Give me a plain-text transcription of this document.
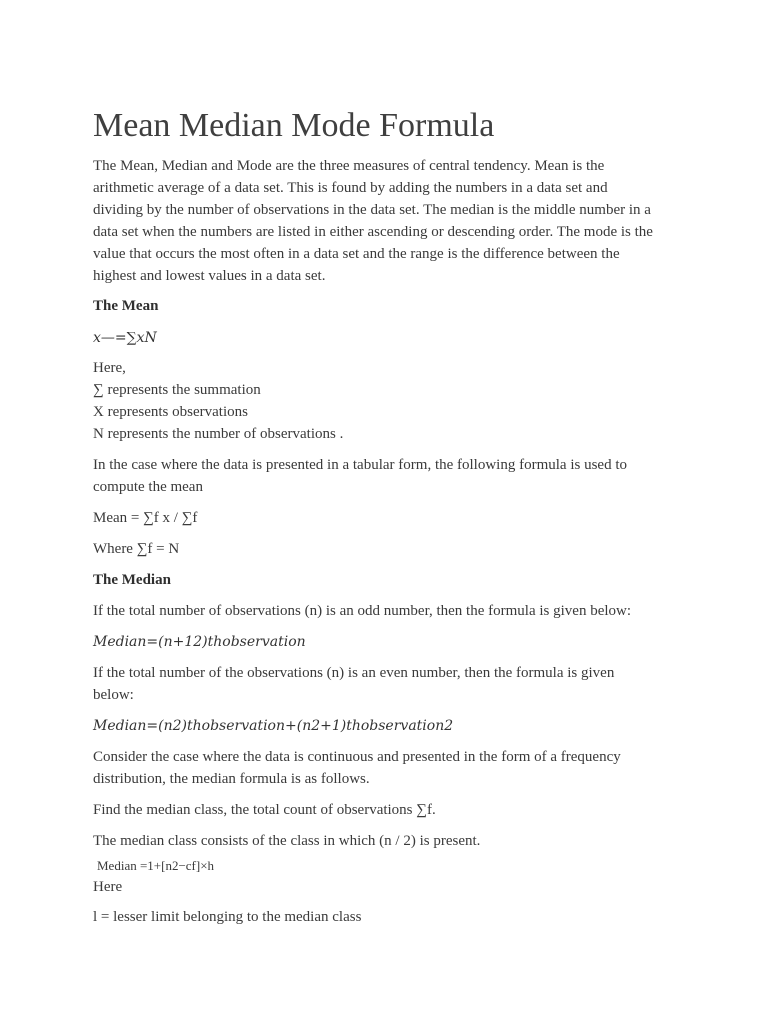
Mean Median Mode Formula
The Mean, Median and Mode are the three measures of central tendency. Mean is the
arithmetic average of a data set. This is found by adding the numbers in a data set and
dividing by the number of observations in the data set. The median is the middle number in a
data set when the numbers are listed in either ascending or descending order. The mode is the
value that occurs the most often in a data set and the range is the difference between the
highest and lowest values in a data set.
The Mean
x—=∑xN
Here,
∑ represents the summation
X represents observations
N represents the number of observations .
In the case where the data is presented in a tabular form, the following formula is used to
compute the mean
Mean = ∑f x / ∑f
Where ∑f = N
The Median
If the total number of observations (n) is an odd number, then the formula is given below:
Median=(n+12)thobservation
If the total number of the observations (n) is an even number, then the formula is given
below:
Median=(n2)thobservation+(n2+1)thobservation2
Consider the case where the data is continuous and presented in the form of a frequency
distribution, the median formula is as follows.
Find the median class, the total count of observations ∑f.
The median class consists of the class in which (n / 2) is present.
Median =1+[n2−cf]×h
Here
l = lesser limit belonging to the median class
